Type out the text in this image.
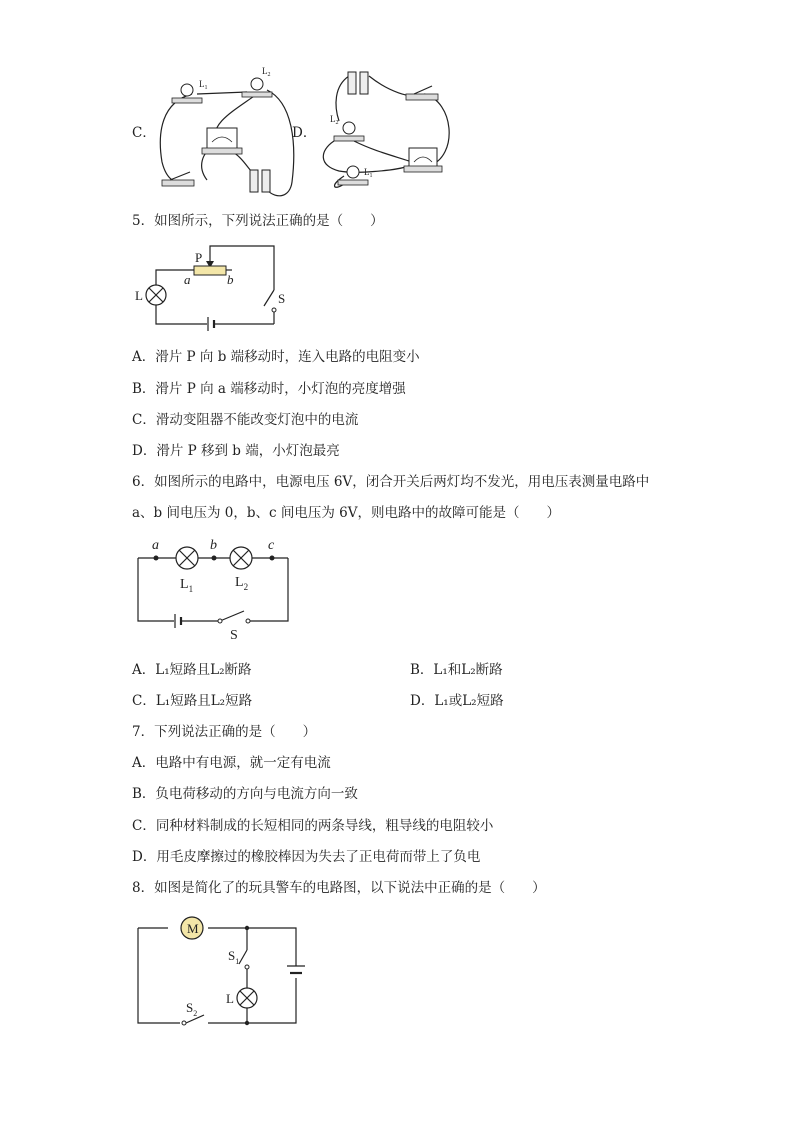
C．
$L_1$
$L_2$
D．
$L_2$
$L_1$
5．如图所示，下列说法正确的是（　　）
P
a	b
L	S
A．滑片 P 向 b 端移动时，连入电路的电阻变小
B．滑片 P 向 a 端移动时，小灯泡的亮度增强
C．滑动变阻器不能改变灯泡中的电流
D．滑片 P 移到 b 端，小灯泡最亮
6．如图所示的电路中，电源电压 6V，闭合开关后两灯均不发光，用电压表测量电路中
a、b 间电压为 0，b、c 间电压为 6V，则电路中的故障可能是（　　）
a	b	c
$L_1$	$L_2$
S
A．L₁短路且L₂断路	B．L₁和L₂断路
C．L₁短路且L₂短路	D．L₁或L₂短路
7．下列说法正确的是（　　）
A．电路中有电源，就一定有电流
B．负电荷移动的方向与电流方向一致
C．同种材料制成的长短相同的两条导线，粗导线的电阻较小
D．用毛皮摩擦过的橡胶棒因为失去了正电荷而带上了负电
8．如图是简化了的玩具警车的电路图，以下说法中正确的是（　　）
M
$S_1$
L
$S_2$
